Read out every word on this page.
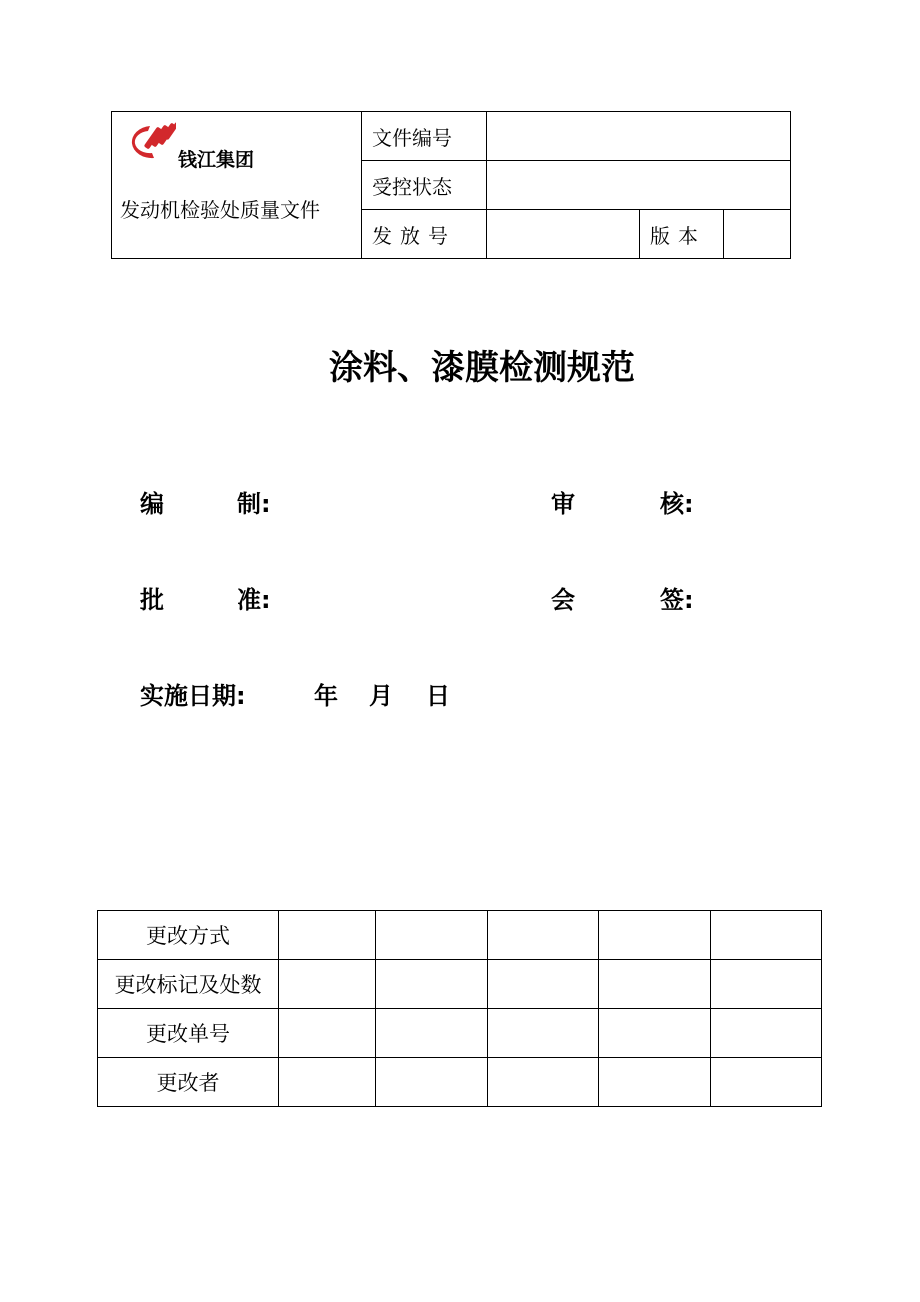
钱江集团
发动机检验处质量文件	文件编号			
	受控状态			
	发放号		版本	
涂料、漆膜检测规范
编	制:	审	核:
批	准:	会	签:
实施日期:	年 月 日
更改方式					
更改标记及处数					
更改单号					
更改者					
